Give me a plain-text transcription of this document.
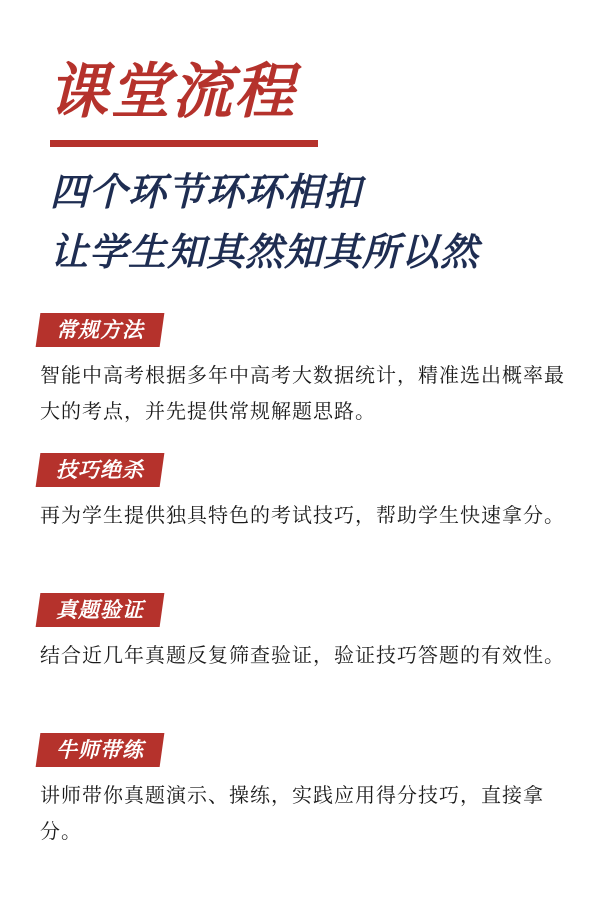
课堂流程
四个环节环环相扣
让学生知其然知其所以然
常规方法

智能中高考根据多年中高考大数据统计，精准选出概率最大的考点，并先提供常规解题思路。

技巧绝杀

再为学生提供独具特色的考试技巧，帮助学生快速拿分。

真题验证

结合近几年真题反复筛查验证，验证技巧答题的有效性。

牛师带练

讲师带你真题演示、操练，实践应用得分技巧，直接拿分。
